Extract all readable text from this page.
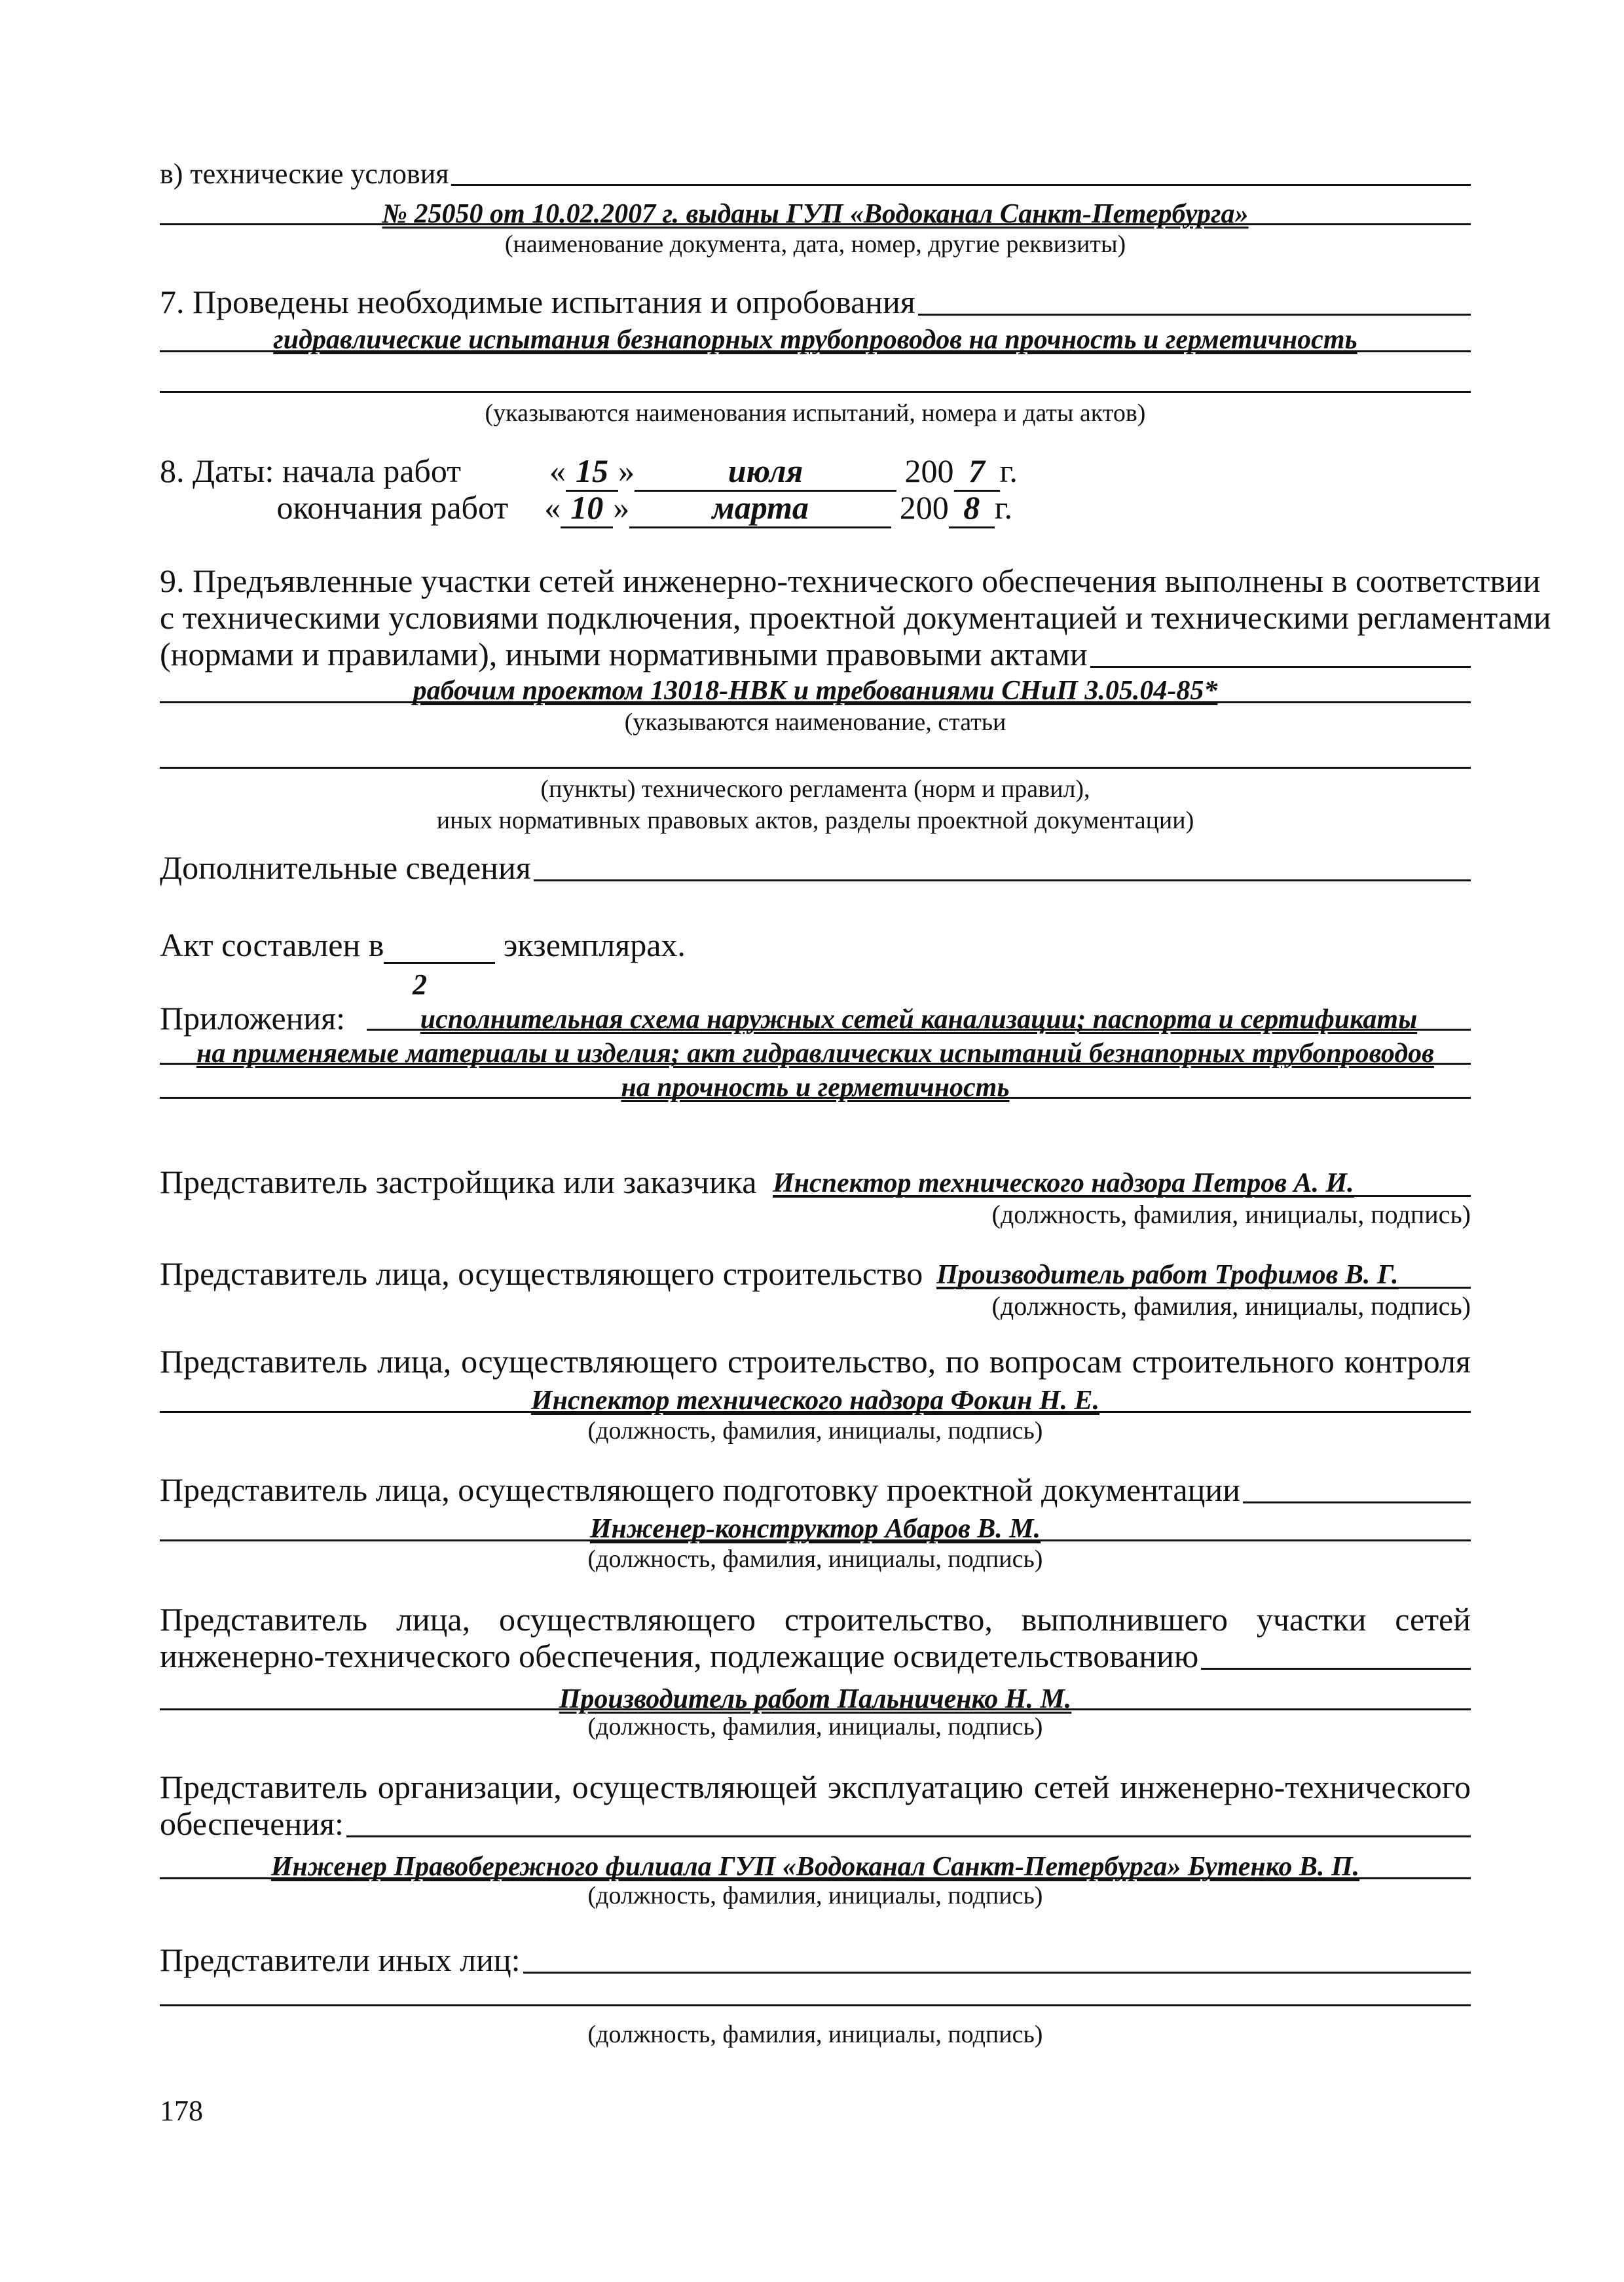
в) технические условия
№ 25050 от 10.02.2007 г. выданы ГУП «Водоканал Санкт-Петербурга»
(наименование документа, дата, номер, другие реквизиты)
7. Проведены необходимые испытания и опробования
гидравлические испытания безнапорных трубопроводов на прочность и герметичность
(указываются наименования испытаний, номера и даты актов)
8. Даты: начала работ	« 15 »	июля	200 7 г.
окончания работ « 10 »	марта	200 8 г.
9. Предъявленные участки сетей инженерно-технического обеспечения выполнены в соответствии
с техническими условиями подключения, проектной документацией и техническими регламентами
(нормами и правилами), иными нормативными правовыми актами
рабочим проектом 13018-НВК и требованиями СНиП 3.05.04-85*
(указываются наименование, статьи
(пункты) технического регламента (норм и правил),
иных нормативных правовых актов, разделы проектной документации)
Дополнительные сведения
Акт составлен в	экземплярах.
2
Приложения:	исполнительная схема наружных сетей канализации; паспорта и сертификаты
на применяемые материалы и изделия; акт гидравлических испытаний безнапорных трубопроводов
на прочность и герметичность
Представитель застройщика или заказчика Инспектор технического надзора Петров А. И.
(должность, фамилия, инициалы, подпись)
Представитель лица, осуществляющего строительство Производитель работ Трофимов В. Г.
(должность, фамилия, инициалы, подпись)
Представитель лица, осуществляющего строительство, по вопросам строительного контроля
Инспектор технического надзора Фокин Н. Е.
(должность, фамилия, инициалы, подпись)
Представитель лица, осуществляющего подготовку проектной документации
Инженер-конструктор Абаров В. М.
(должность, фамилия, инициалы, подпись)
Представитель лица, осуществляющего строительство, выполнившего участки сетей
инженерно-технического обеспечения, подлежащие освидетельствованию
Производитель работ Пальниченко Н. М.
(должность, фамилия, инициалы, подпись)
Представитель организации, осуществляющей эксплуатацию сетей инженерно-технического
обеспечения:
Инженер Правобережного филиала ГУП «Водоканал Санкт-Петербурга» Бутенко В. П.
(должность, фамилия, инициалы, подпись)
Представители иных лиц:
(должность, фамилия, инициалы, подпись)
178
